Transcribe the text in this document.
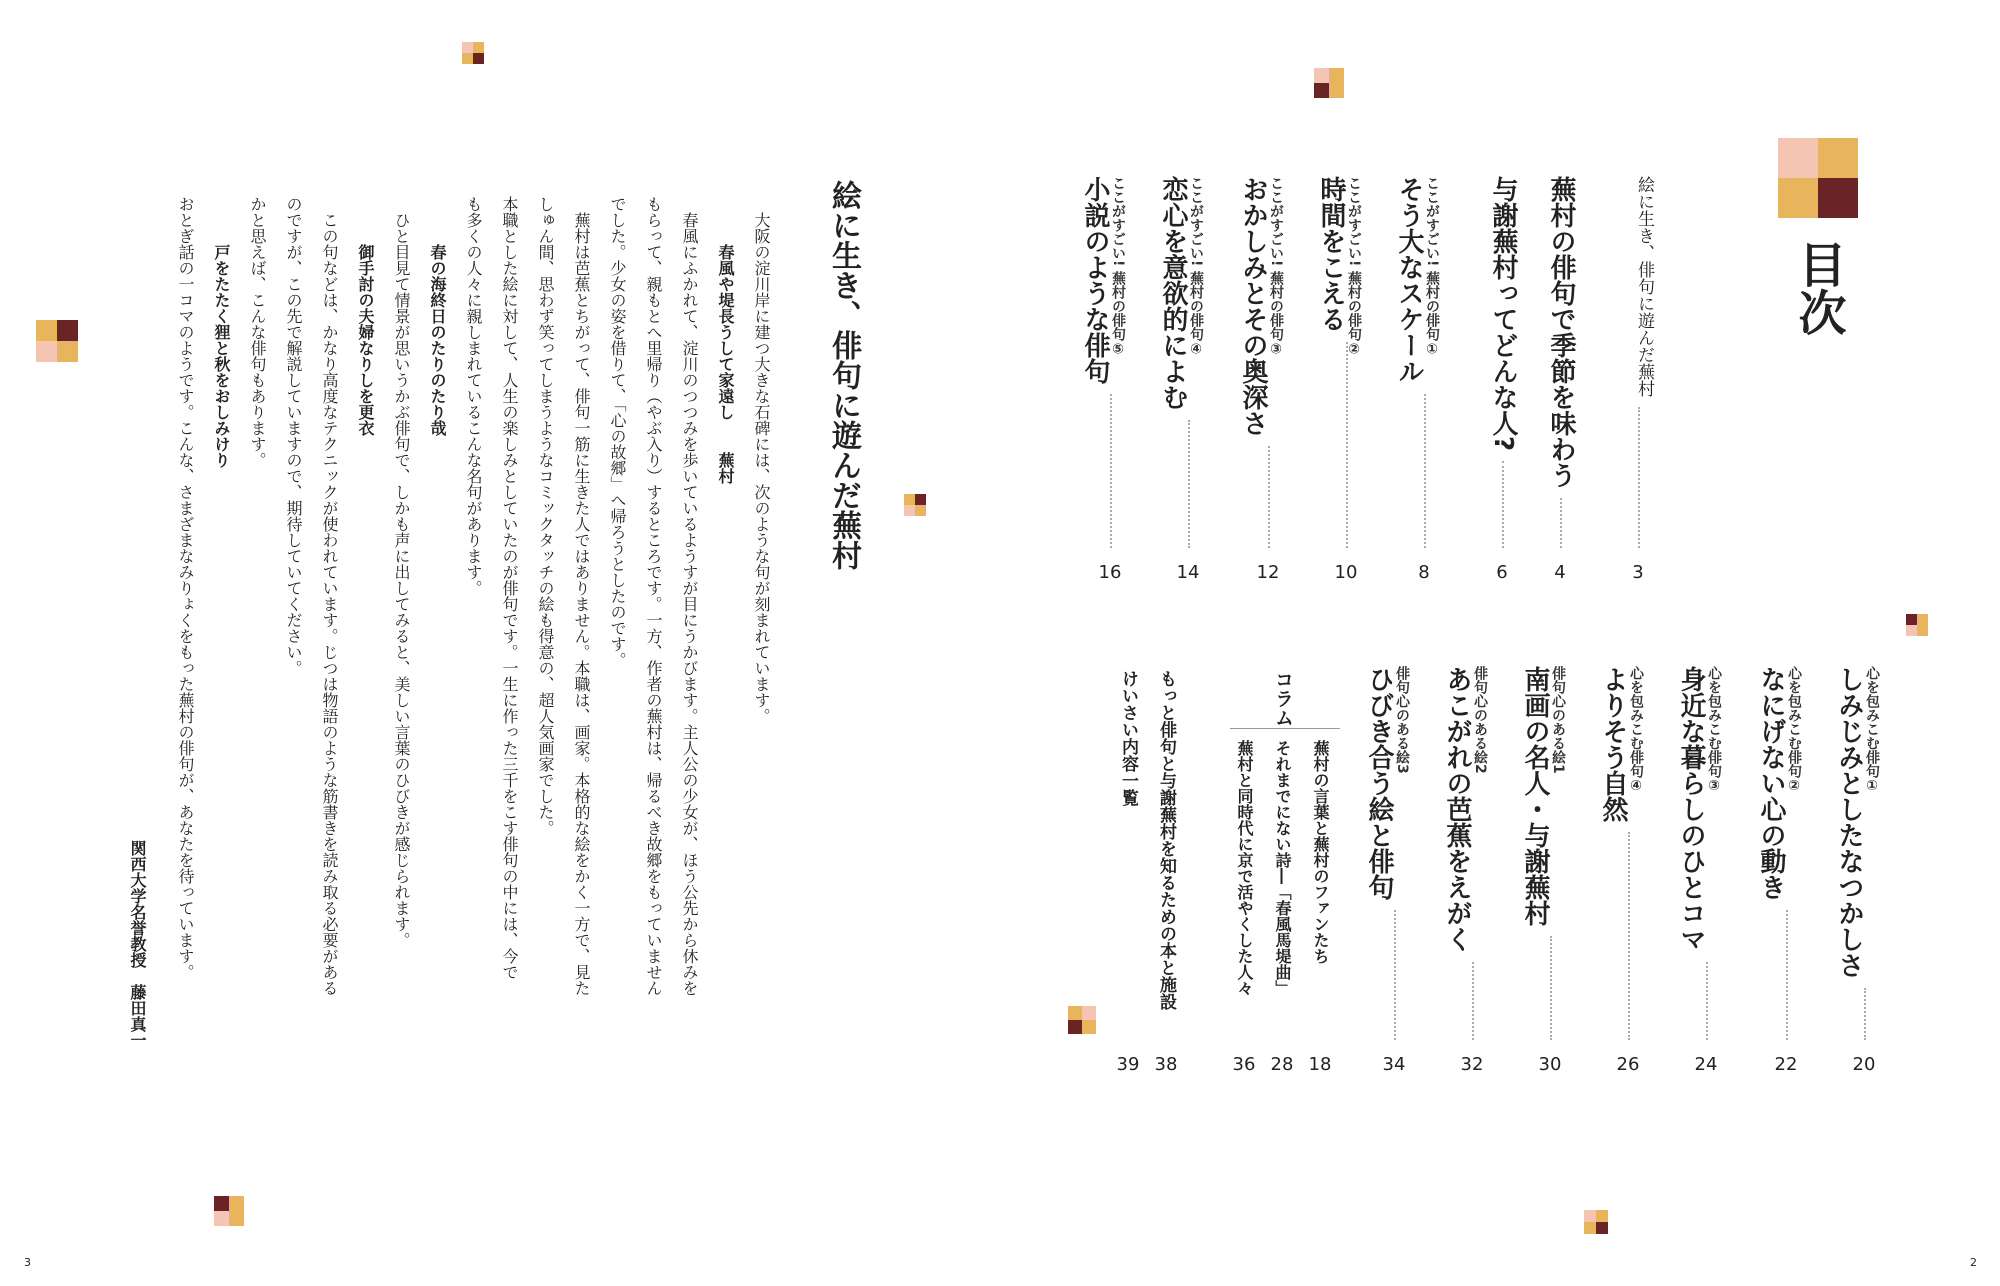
目次
絵に生き、俳句に遊んだ蕪村
3
蕪村の俳句で季節を味わう
4
与謝蕪村ってどんな人?
6
ここがすごい! 蕪村の俳句①
そう大なスケール
8
ここがすごい! 蕪村の俳句②
時間をこえる
10
ここがすごい! 蕪村の俳句③
おかしみとその奥深さ
12
ここがすごい! 蕪村の俳句④
恋心を意欲的によむ
14
ここがすごい! 蕪村の俳句⑤
小説のような俳句
16
心を包みこむ俳句①
しみじみとしたなつかしさ
20
心を包みこむ俳句②
なにげない心の動き
22
心を包みこむ俳句③
身近な暮らしのひとコマ
24
心を包みこむ俳句④
よりそう自然
26
俳句心のある絵1
南画の名人・与謝蕪村
30
俳句心のある絵2
あこがれの芭蕉をえがく
32
俳句心のある絵3
ひびき合う絵と俳句
34
コラム
蕪村の言葉と蕪村のファンたち
18
それまでにない詩―「春風馬堤曲」
28
蕪村と同時代に京で活やくした人々
36
もっと俳句と与謝蕪村を知るための本と施設
38
けいさい内容一覧
39
絵に生き、俳句に遊んだ蕪村
大阪の淀川岸に建つ大きな石碑には、次のような句が刻まれています。
春風や堤長うして家遠し　　蕪村
春風にふかれて、淀川のつつみを歩いているようすが目にうかびます。主人公の少女が、ほう公先から休みを
もらって、親もとへ里帰り（やぶ入り）するところです。一方、作者の蕪村は、帰るべき故郷をもっていません
でした。少女の姿を借りて、「心の故郷」へ帰ろうとしたのです。
蕪村は芭蕉とちがって、俳句一筋に生きた人ではありません。本職は、画家。本格的な絵をかく一方で、見た
しゅん間、思わず笑ってしまうようなコミックタッチの絵も得意の、超人気画家でした。
本職とした絵に対して、人生の楽しみとしていたのが俳句です。一生に作った三千をこす俳句の中には、今で
も多くの人々に親しまれているこんな名句があります。
春の海終日のたりのたり哉
ひと目見て情景が思いうかぶ俳句で、しかも声に出してみると、美しい言葉のひびきが感じられます。
御手討の夫婦なりしを更衣
この句などは、かなり高度なテクニックが使われています。じつは物語のような筋書きを読み取る必要がある
のですが、この先で解説していますので、期待していてください。
かと思えば、こんな俳句もあります。
戸をたたく狸と秋をおしみけり
おとぎ話の一コマのようです。こんな、さまざまなみりょくをもった蕪村の俳句が、あなたを待っています。
関西大学名誉教授　藤田真一
3	2
